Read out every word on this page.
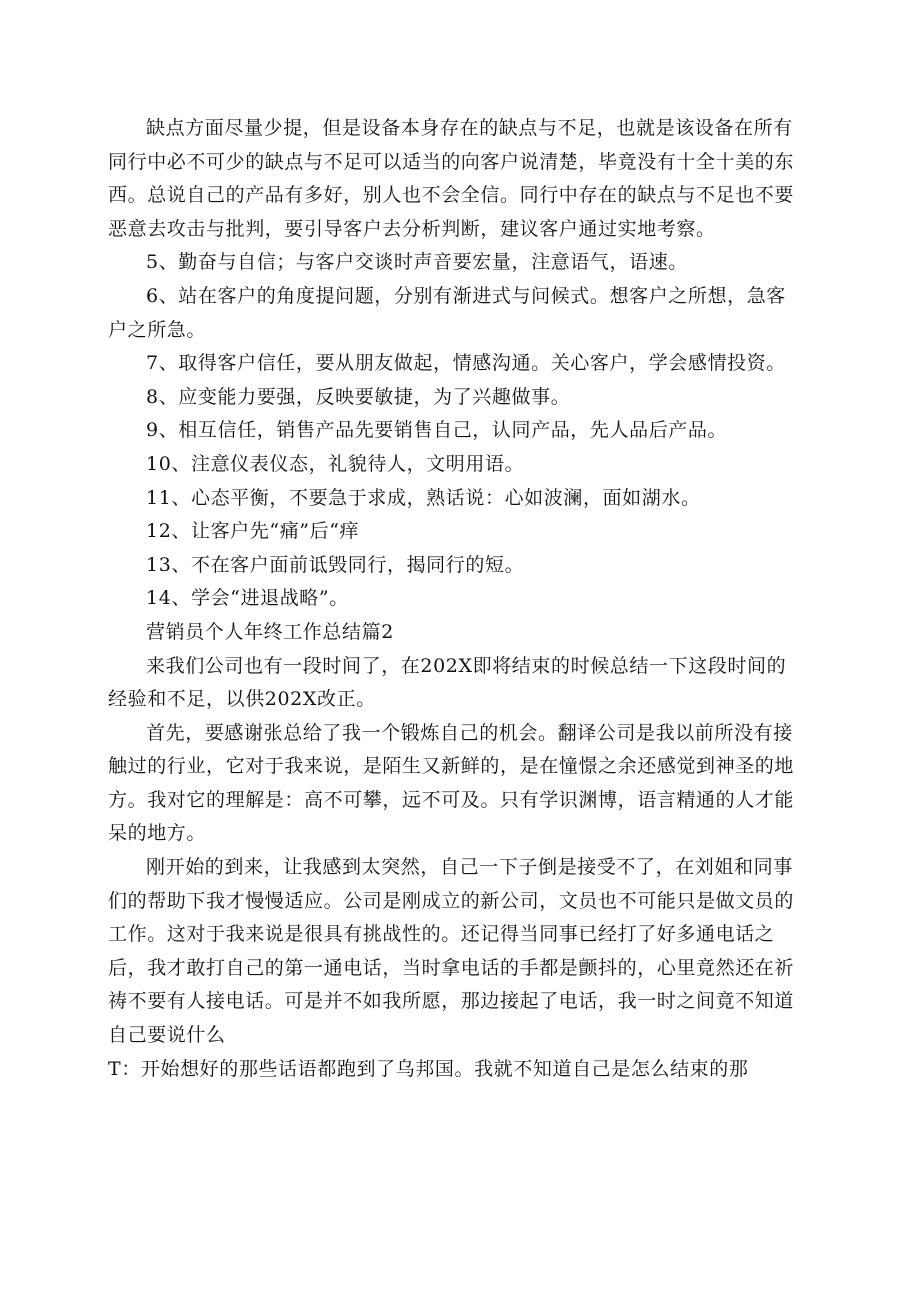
缺点方面尽量少提，但是设备本身存在的缺点与不足，也就是该设备在所有同行中必不可少的缺点与不足可以适当的向客户说清楚，毕竟没有十全十美的东西。总说自己的产品有多好，别人也不会全信。同行中存在的缺点与不足也不要恶意去攻击与批判，要引导客户去分析判断，建议客户通过实地考察。

5、勤奋与自信；与客户交谈时声音要宏量，注意语气，语速。

6、站在客户的角度提问题，分别有渐进式与问候式。想客户之所想，急客户之所急。

7、取得客户信任，要从朋友做起，情感沟通。关心客户，学会感情投资。

8、应变能力要强，反映要敏捷，为了兴趣做事。

9、相互信任，销售产品先要销售自己，认同产品，先人品后产品。

10、注意仪表仪态，礼貌待人，文明用语。

11、心态平衡，不要急于求成，熟话说：心如波澜，面如湖水。

12、让客户先“痛”后“痒

13、不在客户面前诋毁同行，揭同行的短。

14、学会“进退战略”。

营销员个人年终工作总结篇2

来我们公司也有一段时间了，在202X即将结束的时候总结一下这段时间的经验和不足，以供202X改正。

首先，要感谢张总给了我一个锻炼自己的机会。翻译公司是我以前所没有接触过的行业，它对于我来说，是陌生又新鲜的，是在憧憬之余还感觉到神圣的地方。我对它的理解是：高不可攀，远不可及。只有学识渊博，语言精通的人才能呆的地方。

刚开始的到来，让我感到太突然，自己一下子倒是接受不了，在刘姐和同事们的帮助下我才慢慢适应。公司是刚成立的新公司，文员也不可能只是做文员的工作。这对于我来说是很具有挑战性的。还记得当同事已经打了好多通电话之后，我才敢打自己的第一通电话，当时拿电话的手都是颤抖的，心里竟然还在祈祷不要有人接电话。可是并不如我所愿，那边接起了电话，我一时之间竟不知道自己要说什么

T：开始想好的那些话语都跑到了乌邦国。我就不知道自己是怎么结束的那
